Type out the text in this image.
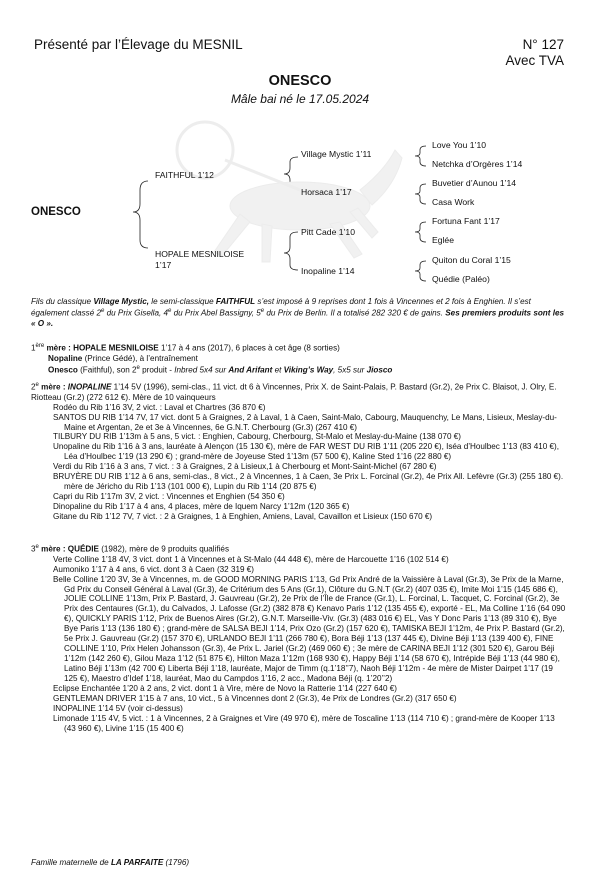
Présenté par l’Élevage du MESNIL	N° 127
Avec TVA
ONESCO
Mâle bai né le 17.05.2024
ONESCO
FAITHFUL 1’12
HOPALE MESNILOISE
1’17
Village Mystic 1’11
Horsaca 1’17
Pitt Cade 1’10
Inopaline 1’14
Love You 1’10
Netchka d’Orgères 1’14
Buvetier d’Aunou 1’14
Casa Work
Fortuna Fant 1’17
Eglée
Quiton du Coral 1’15
Quédie (Paléo)
Fils du classique Village Mystic, le semi-classique FAITHFUL s’est imposé à 9 reprises dont 1 fois à Vincennes et 2 fois à Enghien. Il s’est également classé 2e du Prix Gisella, 4e du Prix Abel Bassigny, 5e du Prix de Berlin. Il a totalisé 282 320 € de gains. Ses premiers produits sont les « O ».

1ère mère : HOPALE MESNILOISE 1’17 à 4 ans (2017), 6 places à cet âge (8 sorties)

Nopaline (Prince Gédé), à l’entraînement

Onesco (Faithful), son 2e produit - Inbred 5x4 sur And Arifant et Viking’s Way, 5x5 sur Jiosco

2e mère : INOPALINE 1’14 5V (1996), semi-clas., 11 vict. dt 6 à Vincennes, Prix X. de Saint-Palais, P. Bastard (Gr.2), 2e Prix C. Blaisot, J. Olry, E. Riotteau (Gr.2) (272 612 €). Mère de 10 vainqueurs

Rodéo du Rib 1’16 3V, 2 vict. : Laval et Chartres (36 870 €)

SANTOS DU RIB 1’14 7V, 17 vict. dont 5 à Graignes, 2 à Laval, 1 à Caen, Saint-Malo, Cabourg, Mauquenchy, Le Mans, Lisieux, Meslay-du-Maine et Argentan, 2e et 3e à Vincennes, 6e G.N.T. Cherbourg (Gr.3) (267 410 €)

TILBURY DU RIB 1’13m à 5 ans, 5 vict. : Enghien, Cabourg, Cherbourg, St-Malo et Meslay-du-Maine (138 070 €)

Unopaline du Rib 1’16 à 3 ans, lauréate à Alençon (15 130 €), mère de FAR WEST DU RIB 1’11 (205 220 €), Iséa d’Houlbec 1’13 (83 410 €), Léa d’Houlbec 1’19 (13 290 €) ; grand-mère de Joyeuse Sted 1’13m (57 500 €), Kaline Sted 1’16 (22 880 €)

Verdi du Rib 1’16 à 3 ans, 7 vict. : 3 à Graignes, 2 à Lisieux,1 à Cherbourg et Mont-Saint-Michel (67 280 €)

BRUYÈRE DU RIB 1’12 à 6 ans, semi-clas., 8 vict., 2 à Vincennes, 1 à Caen, 3e Prix L. Forcinal (Gr.2), 4e Prix All. Lefèvre (Gr.3) (255 180 €). mère de Jéricho du Rib 1’13 (101 000 €), Lupin du Rib 1’14 (20 875 €)

Capri du Rib 1’17m 3V, 2 vict. : Vincennes et Enghien (54 350 €)

Dinopaline du Rib 1’17 à 4 ans, 4 places, mère de Iquem Narcy 1’12m (120 365 €)

Gitane du Rib 1’12 7V, 7 vict. : 2 à Graignes, 1 à Enghien, Amiens, Laval, Cavaillon et Lisieux (150 670 €)

3e mère : QUÉDIE (1982), mère de 9 produits qualifiés

Verte Colline 1’18 4V, 3 vict. dont 1 à Vincennes et à St-Malo (44 448 €), mère de Harcouette 1’16 (102 514 €)

Aumoniko 1’17 à 4 ans, 6 vict. dont 3 à Caen (32 319 €)

Belle Colline 1’20 3V, 3e à Vincennes, m. de GOOD MORNING PARIS 1’13, Gd Prix André de la Vaissière à Laval (Gr.3), 3e Prix de la Marne, Gd Prix du Conseil Général à Laval (Gr.3), 4e Critérium des 5 Ans (Gr.1), Clôture du G.N.T (Gr.2) (407 035 €), Imite Moi 1’15 (145 686 €), JOLIE COLLINE 1’13m, Prix P. Bastard, J. Gauvreau (Gr.2), 2e Prix de l’Île de France (Gr.1), L. Forcinal, L. Tacquet, C. Forcinal (Gr.2), 3e Prix des Centaures (Gr.1), du Calvados, J. Lafosse (Gr.2) (382 878 €) Kenavo Paris 1’12 (135 455 €), exporté - EL, Ma Colline 1’16 (64 090 €), QUICKLY PARIS 1’12, Prix de Buenos Aires (Gr.2), G.N.T. Marseille-Viv. (Gr.3) (483 016 €) EL, Vas Y Donc Paris 1’13 (89 310 €), Bye Bye Paris 1’13 (136 180 €) ; grand-mère de SALSA BEJI 1’14, Prix Ozo (Gr.2) (157 620 €), TAMISKA BEJI 1’12m, 4e Prix P. Bastard (Gr.2), 5e Prix J. Gauvreau (Gr.2) (157 370 €), URLANDO BEJI 1’11 (266 780 €), Bora Béji 1’13 (137 445 €), Divine Béji 1’13 (139 400 €), FINE COLLINE 1’10, Prix Helen Johansson (Gr.3), 4e Prix L. Jariel (Gr.2) (469 060 €) ; 3e mère de CARINA BEJI 1’12 (301 520 €), Garou Béji 1’12m (142 260 €), Gilou Maza 1’12 (51 875 €), Hilton Maza 1’12m (168 930 €), Happy Béji 1’14 (58 670 €), Intrépide Béji 1’13 (44 980 €), Latino Béji 1’13m (42 700 €) Liberta Béji 1’18, lauréate, Major de Timm (q.1’18’’7), Naoh Béji 1’12m - 4e mère de Mister Dairpet 1’17 (19 125 €), Maestro d’Idef 1’18, lauréat, Mao du Campdos 1’16, 2 acc., Madona Béji (q. 1’20’’2)

Eclipse Enchantée 1’20 à 2 ans, 2 vict. dont 1 à Vire, mère de Novo la Ratterie 1’14 (227 640 €)

GENTLEMAN DRIVER 1’15 à 7 ans, 10 vict., 5 à Vincennes dont 2 (Gr.3), 4e Prix de Londres (Gr.2) (317 650 €)

INOPALINE 1’14 5V (voir ci-dessus)

Limonade 1’15 4V, 5 vict. : 1 à Vincennes, 2 à Graignes et Vire (49 970 €), mère de Toscaline 1’13 (114 710 €) ; grand-mère de Kooper 1’13 (43 960 €), Livine 1’15 (15 400 €)

Famille maternelle de LA PARFAITE (1796)
